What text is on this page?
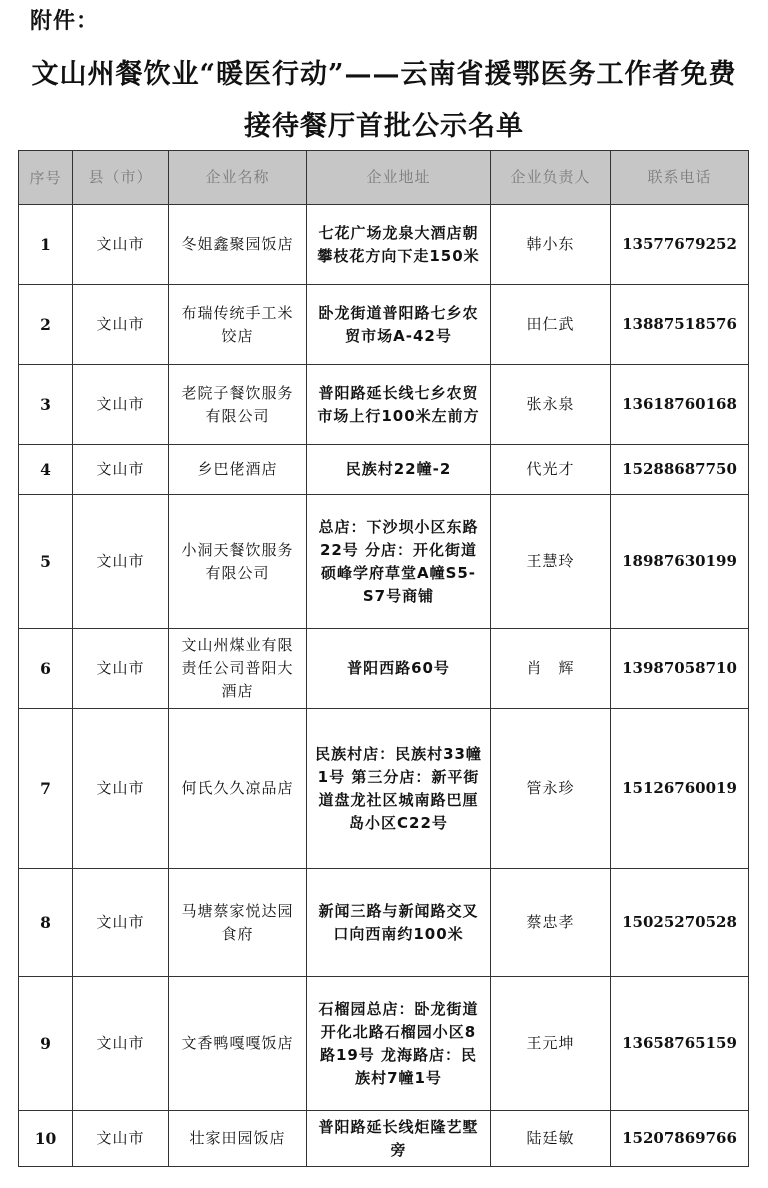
附件：
文山州餐饮业“暖医行动”——云南省援鄂医务工作者免费
接待餐厅首批公示名单
序号	县（市）	企业名称	企业地址	企业负责人	联系电话
1	文山市	冬姐鑫聚园饭店	七花广场龙泉大酒店朝攀枝花方向下走150米	韩小东	13577679252
2	文山市	布瑞传统手工米饺店	卧龙街道普阳路七乡农贸市场A-42号	田仁武	13887518576
3	文山市	老院子餐饮服务有限公司	普阳路延长线七乡农贸市场上行100米左前方	张永泉	13618760168
4	文山市	乡巴佬酒店	民族村22幢-2	代光才	15288687750
5	文山市	小洞天餐饮服务有限公司	总店：下沙坝小区东路22号 分店：开化街道硕峰学府草堂A幢S5-S7号商铺	王慧玲	18987630199
6	文山市	文山州煤业有限责任公司普阳大酒店	普阳西路60号	肖　辉	13987058710
7	文山市	何氏久久凉品店	民族村店：民族村33幢1号 第三分店：新平街道盘龙社区城南路巴厘岛小区C22号	管永珍	15126760019
8	文山市	马塘蔡家悦达园食府	新闻三路与新闻路交叉口向西南约100米	蔡忠孝	15025270528
9	文山市	文香鸭嘎嘎饭店	石榴园总店：卧龙街道开化北路石榴园小区8路19号 龙海路店：民族村7幢1号	王元坤	13658765159
10	文山市	壮家田园饭店	普阳路延长线炬隆艺墅旁	陆廷敏	15207869766
